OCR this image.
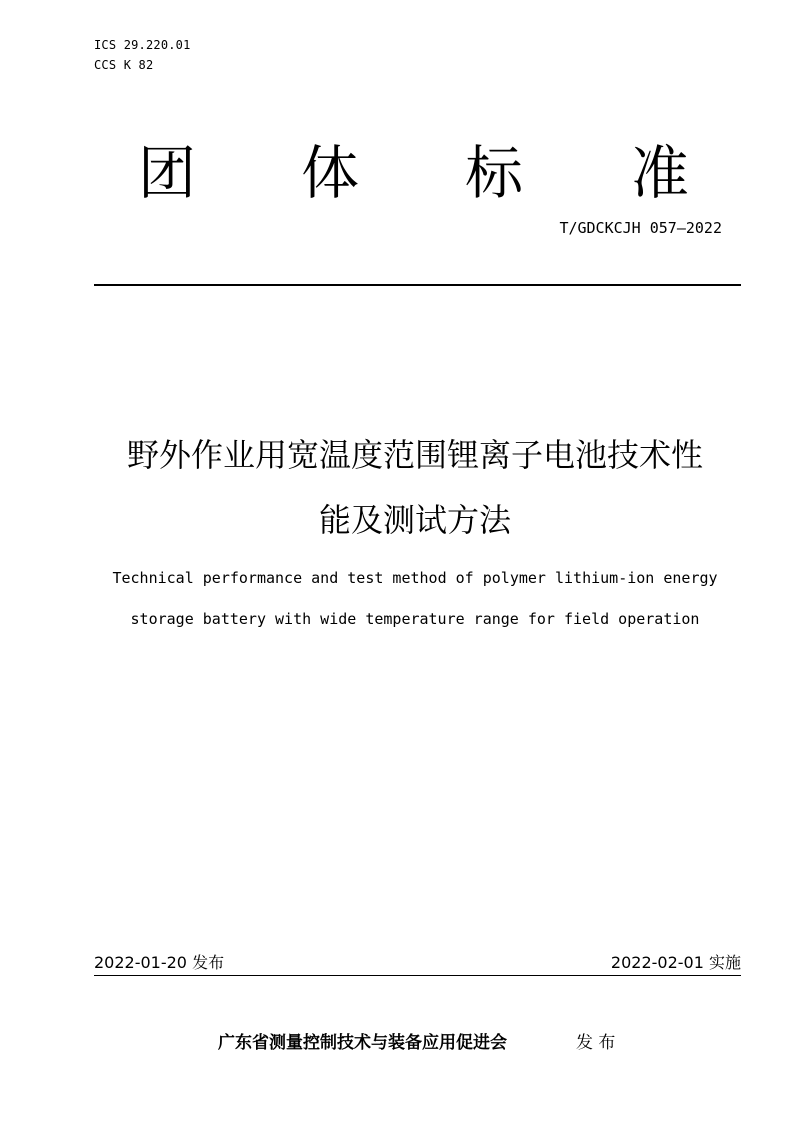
ICS 29.220.01
CCS K 82
团 体 标 准
T/GDCKCJH 057—2022
野外作业用宽温度范围锂离子电池技术性
能及测试方法
Technical performance and test method of polymer lithium-ion energy
storage battery with wide temperature range for field operation
2022-01-20 发布	2022-02-01 实施
广东省测量控制技术与装备应用促进会	发 布
